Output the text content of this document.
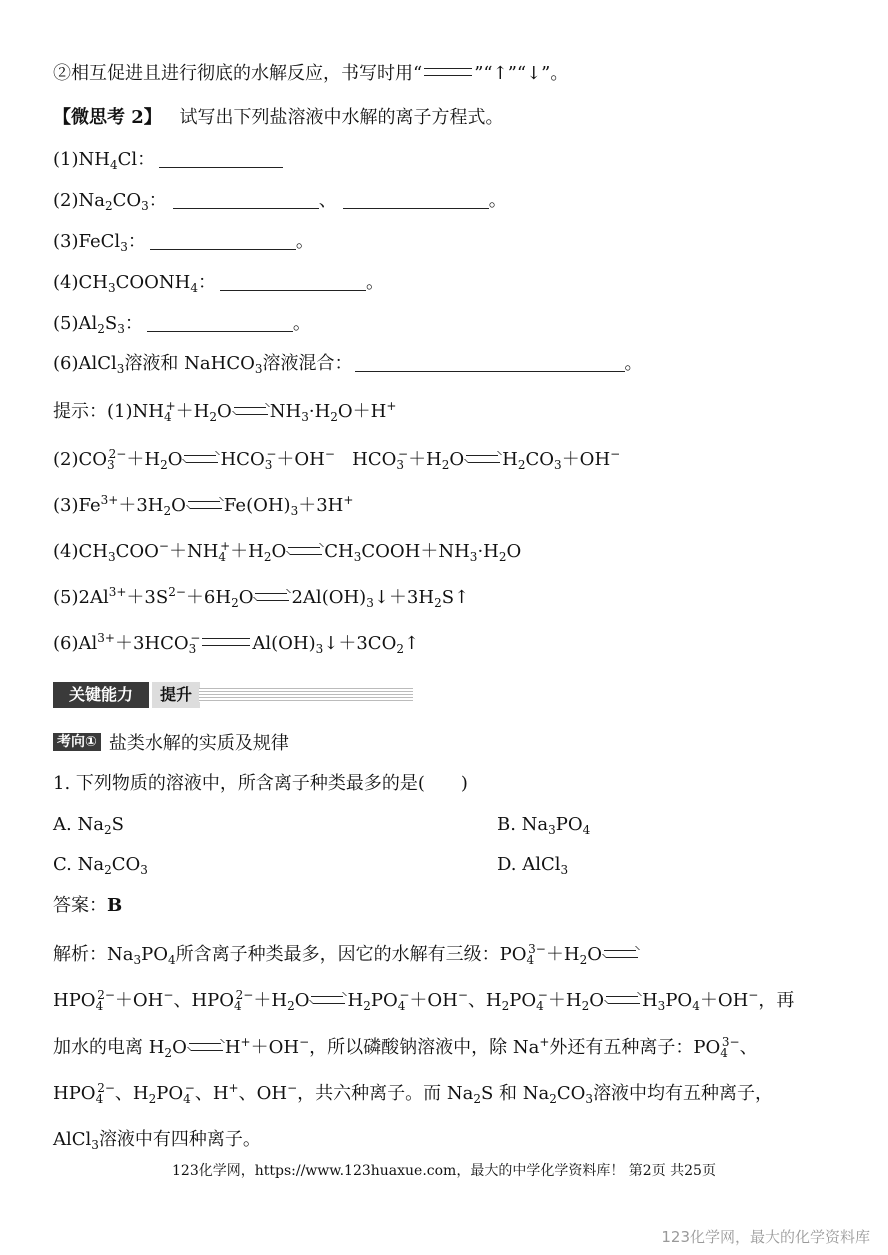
②相互促进且进行彻底的水解反应，书写时用“	”“↑”“↓”。
【微思考 2】 试写出下列盐溶液中水解的离子方程式。
$(1)NH_4Cl$：
$(2)Na_2CO_3$：	、	。
(3)FeCl$_3$：	。
$(4)CH_3COONH_4$：	。
$(5)Al_2S_3$：	。
(6)AlCl$_3$溶液和 NaHCO$_3$溶液混合：	。
提示：$(1)NH_4^++H_2O$ $NH_3\cdot H_2O+H^+$
$(2)CO_3^{2-}+H_2O$ $HCO_3^-+OH^-$   $HCO_3^-+H_2O$ $H_2CO_3+OH^-$
$(3)Fe^{3+}+3H_2O$ $Fe(OH)_3+3H^+$
$(4)CH_3COO^-+NH_4^++H_2O$ $CH_3COOH+NH_3\cdot H_2O$
$(5)2Al^{3+}+3S^{2-}+6H_2O$ $2Al(OH)_3↓+3H_2S↑$
$(6)Al^{3+}+3HCO_3^-$	$Al(OH)_3↓+3CO_2↑$
关键能力	提升
考向① 盐类水解的实质及规律
1. 下列物质的溶液中，所含离子种类最多的是(　　)
A. $Na_2S$	B. $Na_3PO_4$
C. $Na_2CO_3$	D. AlCl$_3$
答案：B
解析：$Na_3PO_4$所含离子种类最多，因它的水解有三级：$PO_4^{3-}+H_2O$
$HPO_4^{2-}+OH^-$、$HPO_4^{2-}+H_2O$ $H_2PO_4^-+OH^-$、$H_2PO_4^-+H_2O$ $H_3PO_4+OH^-$，再
加水的电离 $H_2O$ H+＋OH−，所以磷酸钠溶液中，除 Na+外还有五种离子：$PO_4^{3-}$、
$HPO_4^{2-}$、$H_2PO_4^-$、H+、OH−，共六种离子。而 $Na_2S$ 和 $Na_2CO_3$溶液中均有五种离子，
AlCl$_3$溶液中有四种离子。
123化学网，https://www.123huaxue.com，最大的中学化学资料库！ 第2页 共25页
123化学网，最大的化学资料库
